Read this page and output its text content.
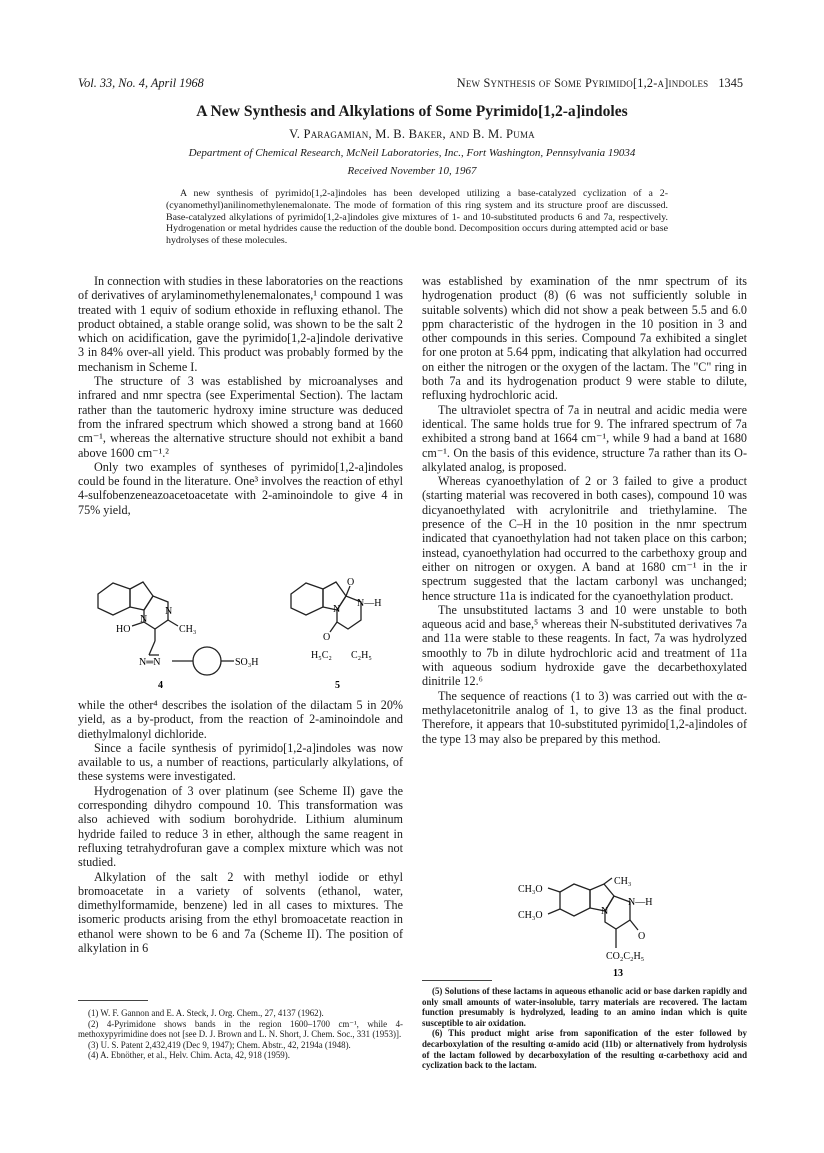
Vol. 33, No. 4, April 1968	New Synthesis of Some Pyrimido[1,2-a]indoles 1345
A New Synthesis and Alkylations of Some Pyrimido[1,2-a]indoles
V. Paragamian, M. B. Baker, and B. M. Puma
Department of Chemical Research, McNeil Laboratories, Inc., Fort Washington, Pennsylvania 19034
Received November 10, 1967

A new synthesis of pyrimido[1,2-a]indoles has been developed utilizing a base-catalyzed cyclization of a 2-(cyanomethyl)anilinomethylenemalonate. The mode of formation of this ring system and its structure proof are discussed. Base-catalyzed alkylations of pyrimido[1,2-a]indoles give mixtures of 1- and 10-substituted products 6 and 7a, respectively. Hydrogenation or metal hydrides cause the reduction of the double bond. Decomposition occurs during attempted acid or base hydrolyses of these molecules.

In connection with studies in these laboratories on the reactions of derivatives of arylaminomethylenemalonates,¹ compound 1 was treated with 1 equiv of sodium ethoxide in refluxing ethanol. The product obtained, a stable orange solid, was shown to be the salt 2 which on acidification, gave the pyrimido[1,2-a]indole derivative 3 in 84% over-all yield. This product was probably formed by the mechanism in Scheme I.

The structure of 3 was established by microanalyses and infrared and nmr spectra (see Experimental Section). The lactam rather than the tautomeric hydroxy imine structure was deduced from the infrared spectrum which showed a strong band at 1660 cm⁻¹, whereas the alternative structure should not exhibit a band above 1600 cm⁻¹.²

Only two examples of syntheses of pyrimido[1,2-a]indoles could be found in the literature. One³ involves the reaction of ethyl 4-sulfobenzeneazoacetoacetate with 2-aminoindole to give 4 in 75% yield,

N
N
HO	CH₃
N═N	SO₃H
4
O
N
N—H
O
H₅C₂ C₂H₅
5

while the other⁴ describes the isolation of the dilactam 5 in 20% yield, as a by-product, from the reaction of 2-aminoindole and diethylmalonyl dichloride.

Since a facile synthesis of pyrimido[1,2-a]indoles was now available to us, a number of reactions, particularly alkylations, of these systems were investigated.

Hydrogenation of 3 over platinum (see Scheme II) gave the corresponding dihydro compound 10. This transformation was also achieved with sodium borohydride. Lithium aluminum hydride failed to reduce 3 in ether, although the same reagent in refluxing tetrahydrofuran gave a complex mixture which was not studied.

Alkylation of the salt 2 with methyl iodide or ethyl bromoacetate in a variety of solvents (ethanol, water, dimethylformamide, benzene) led in all cases to mixtures. The isomeric products arising from the ethyl bromoacetate reaction in ethanol were shown to be 6 and 7a (Scheme II). The position of alkylation in 6

was established by examination of the nmr spectrum of its hydrogenation product (8) (6 was not sufficiently soluble in suitable solvents) which did not show a peak between 5.5 and 6.0 ppm characteristic of the hydrogen in the 10 position in 3 and other compounds in this series. Compound 7a exhibited a singlet for one proton at 5.64 ppm, indicating that alkylation had occurred on either the nitrogen or the oxygen of the lactam. The "C" ring in both 7a and its hydrogenation product 9 were stable to dilute, refluxing hydrochloric acid.

The ultraviolet spectra of 7a in neutral and acidic media were identical. The same holds true for 9. The infrared spectrum of 7a exhibited a strong band at 1664 cm⁻¹, while 9 had a band at 1680 cm⁻¹. On the basis of this evidence, structure 7a rather than its O-alkylated analog, is proposed.

Whereas cyanoethylation of 2 or 3 failed to give a product (starting material was recovered in both cases), compound 10 was dicyanoethylated with acrylonitrile and triethylamine. The presence of the C–H in the 10 position in the nmr spectrum indicated that cyanoethylation had not taken place on this carbon; instead, cyanoethylation had occurred to the carbethoxy group and either on nitrogen or oxygen. A band at 1680 cm⁻¹ in the ir spectrum suggested that the lactam carbonyl was unchanged; hence structure 11a is indicated for the cyanoethylation product.

The unsubstituted lactams 3 and 10 were unstable to both aqueous acid and base,⁵ whereas their N-substituted derivatives 7a and 11a were stable to these reagents. In fact, 7a was hydrolyzed smoothly to 7b in dilute hydrochloric acid and treatment of 11a with aqueous sodium hydroxide gave the decarbethoxylated dinitrile 12.⁶

The sequence of reactions (1 to 3) was carried out with the α-methylacetonitrile analog of 1, to give 13 as the final product. Therefore, it appears that 10-substituted pyrimido[1,2-a]indoles of the type 13 may also be prepared by this method.

CH₃O
CH₃O
CH₃
N
N—H
O
CO₂C₂H₅
13

(1) W. F. Gannon and E. A. Steck, J. Org. Chem., 27, 4137 (1962).

(2) 4-Pyrimidone shows bands in the region 1600–1700 cm⁻¹, while 4-methoxypyrimidine does not [see D. J. Brown and L. N. Short, J. Chem. Soc., 331 (1953)].

(3) U. S. Patent 2,432,419 (Dec 9, 1947); Chem. Abstr., 42, 2194a (1948).

(4) A. Ebnöther, et al., Helv. Chim. Acta, 42, 918 (1959).

(5) Solutions of these lactams in aqueous ethanolic acid or base darken rapidly and only small amounts of water-insoluble, tarry materials are recovered. The lactam function presumably is hydrolyzed, leading to an amino indan which is quite susceptible to air oxidation.

(6) This product might arise from saponification of the ester followed by decarboxylation of the resulting α-amido acid (11b) or alternatively from hydrolysis of the lactam followed by decarboxylation of the resulting α-carbethoxy acid and cyclization back to the lactam.
